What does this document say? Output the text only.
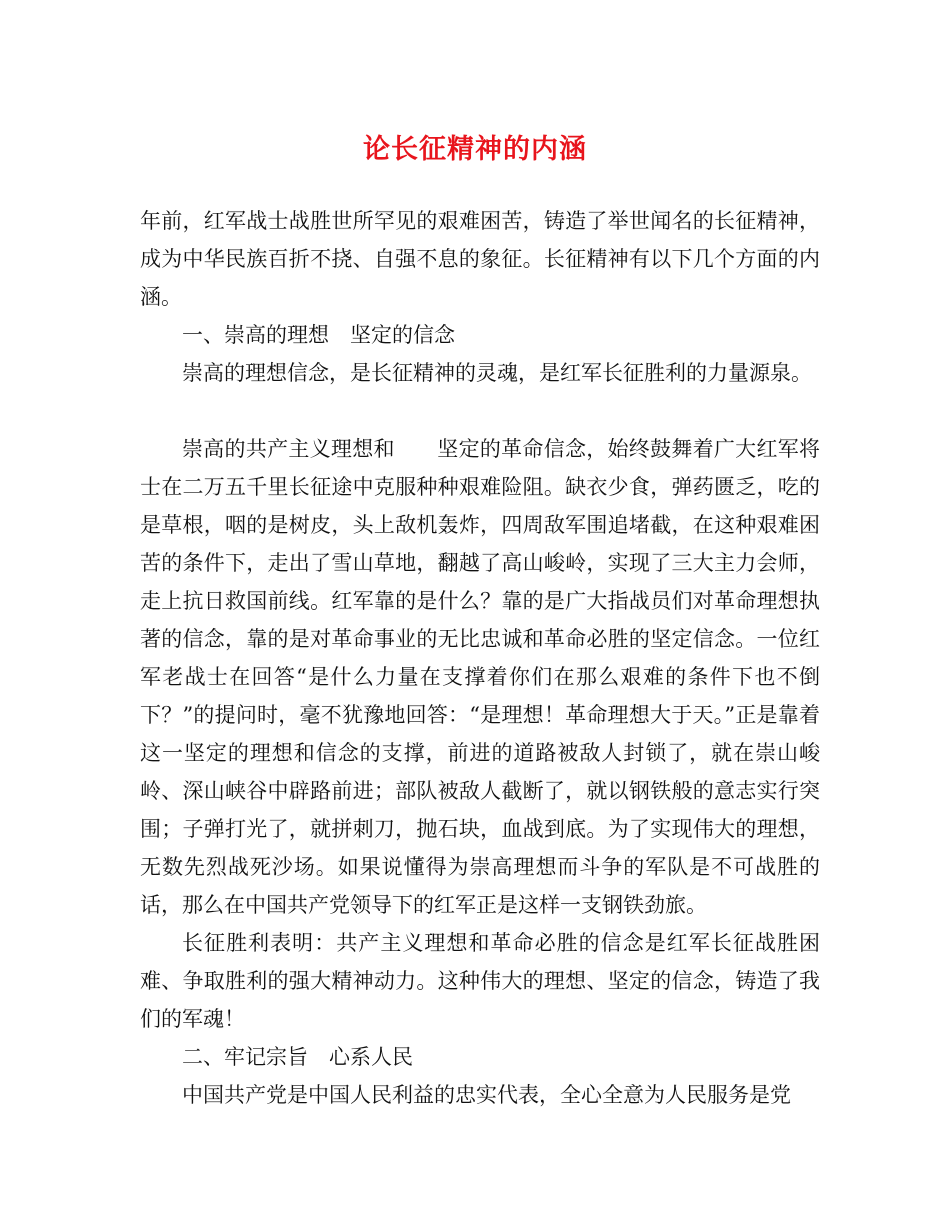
论长征精神的内涵

年前，红军战士战胜世所罕见的艰难困苦，铸造了举世闻名的长征精神，成为中华民族百折不挠、自强不息的象征。长征精神有以下几个方面的内涵。

一、崇高的理想　坚定的信念

崇高的理想信念，是长征精神的灵魂，是红军长征胜利的力量源泉。

崇高的共产主义理想和　　坚定的革命信念，始终鼓舞着广大红军将士在二万五千里长征途中克服种种艰难险阻。缺衣少食，弹药匮乏，吃的是草根，咽的是树皮，头上敌机轰炸，四周敌军围追堵截，在这种艰难困苦的条件下，走出了雪山草地，翻越了高山峻岭，实现了三大主力会师，走上抗日救国前线。红军靠的是什么？靠的是广大指战员们对革命理想执著的信念，靠的是对革命事业的无比忠诚和革命必胜的坚定信念。一位红军老战士在回答“是什么力量在支撑着你们在那么艰难的条件下也不倒下？”的提问时，毫不犹豫地回答：“是理想！革命理想大于天。”正是靠着这一坚定的理想和信念的支撑，前进的道路被敌人封锁了，就在崇山峻岭、深山峡谷中辟路前进；部队被敌人截断了，就以钢铁般的意志实行突围；子弹打光了，就拼刺刀，抛石块，血战到底。为了实现伟大的理想，无数先烈战死沙场。如果说懂得为崇高理想而斗争的军队是不可战胜的话，那么在中国共产党领导下的红军正是这样一支钢铁劲旅。

长征胜利表明：共产主义理想和革命必胜的信念是红军长征战胜困难、争取胜利的强大精神动力。这种伟大的理想、坚定的信念，铸造了我们的军魂！

二、牢记宗旨　心系人民

中国共产党是中国人民利益的忠实代表，全心全意为人民服务是党
